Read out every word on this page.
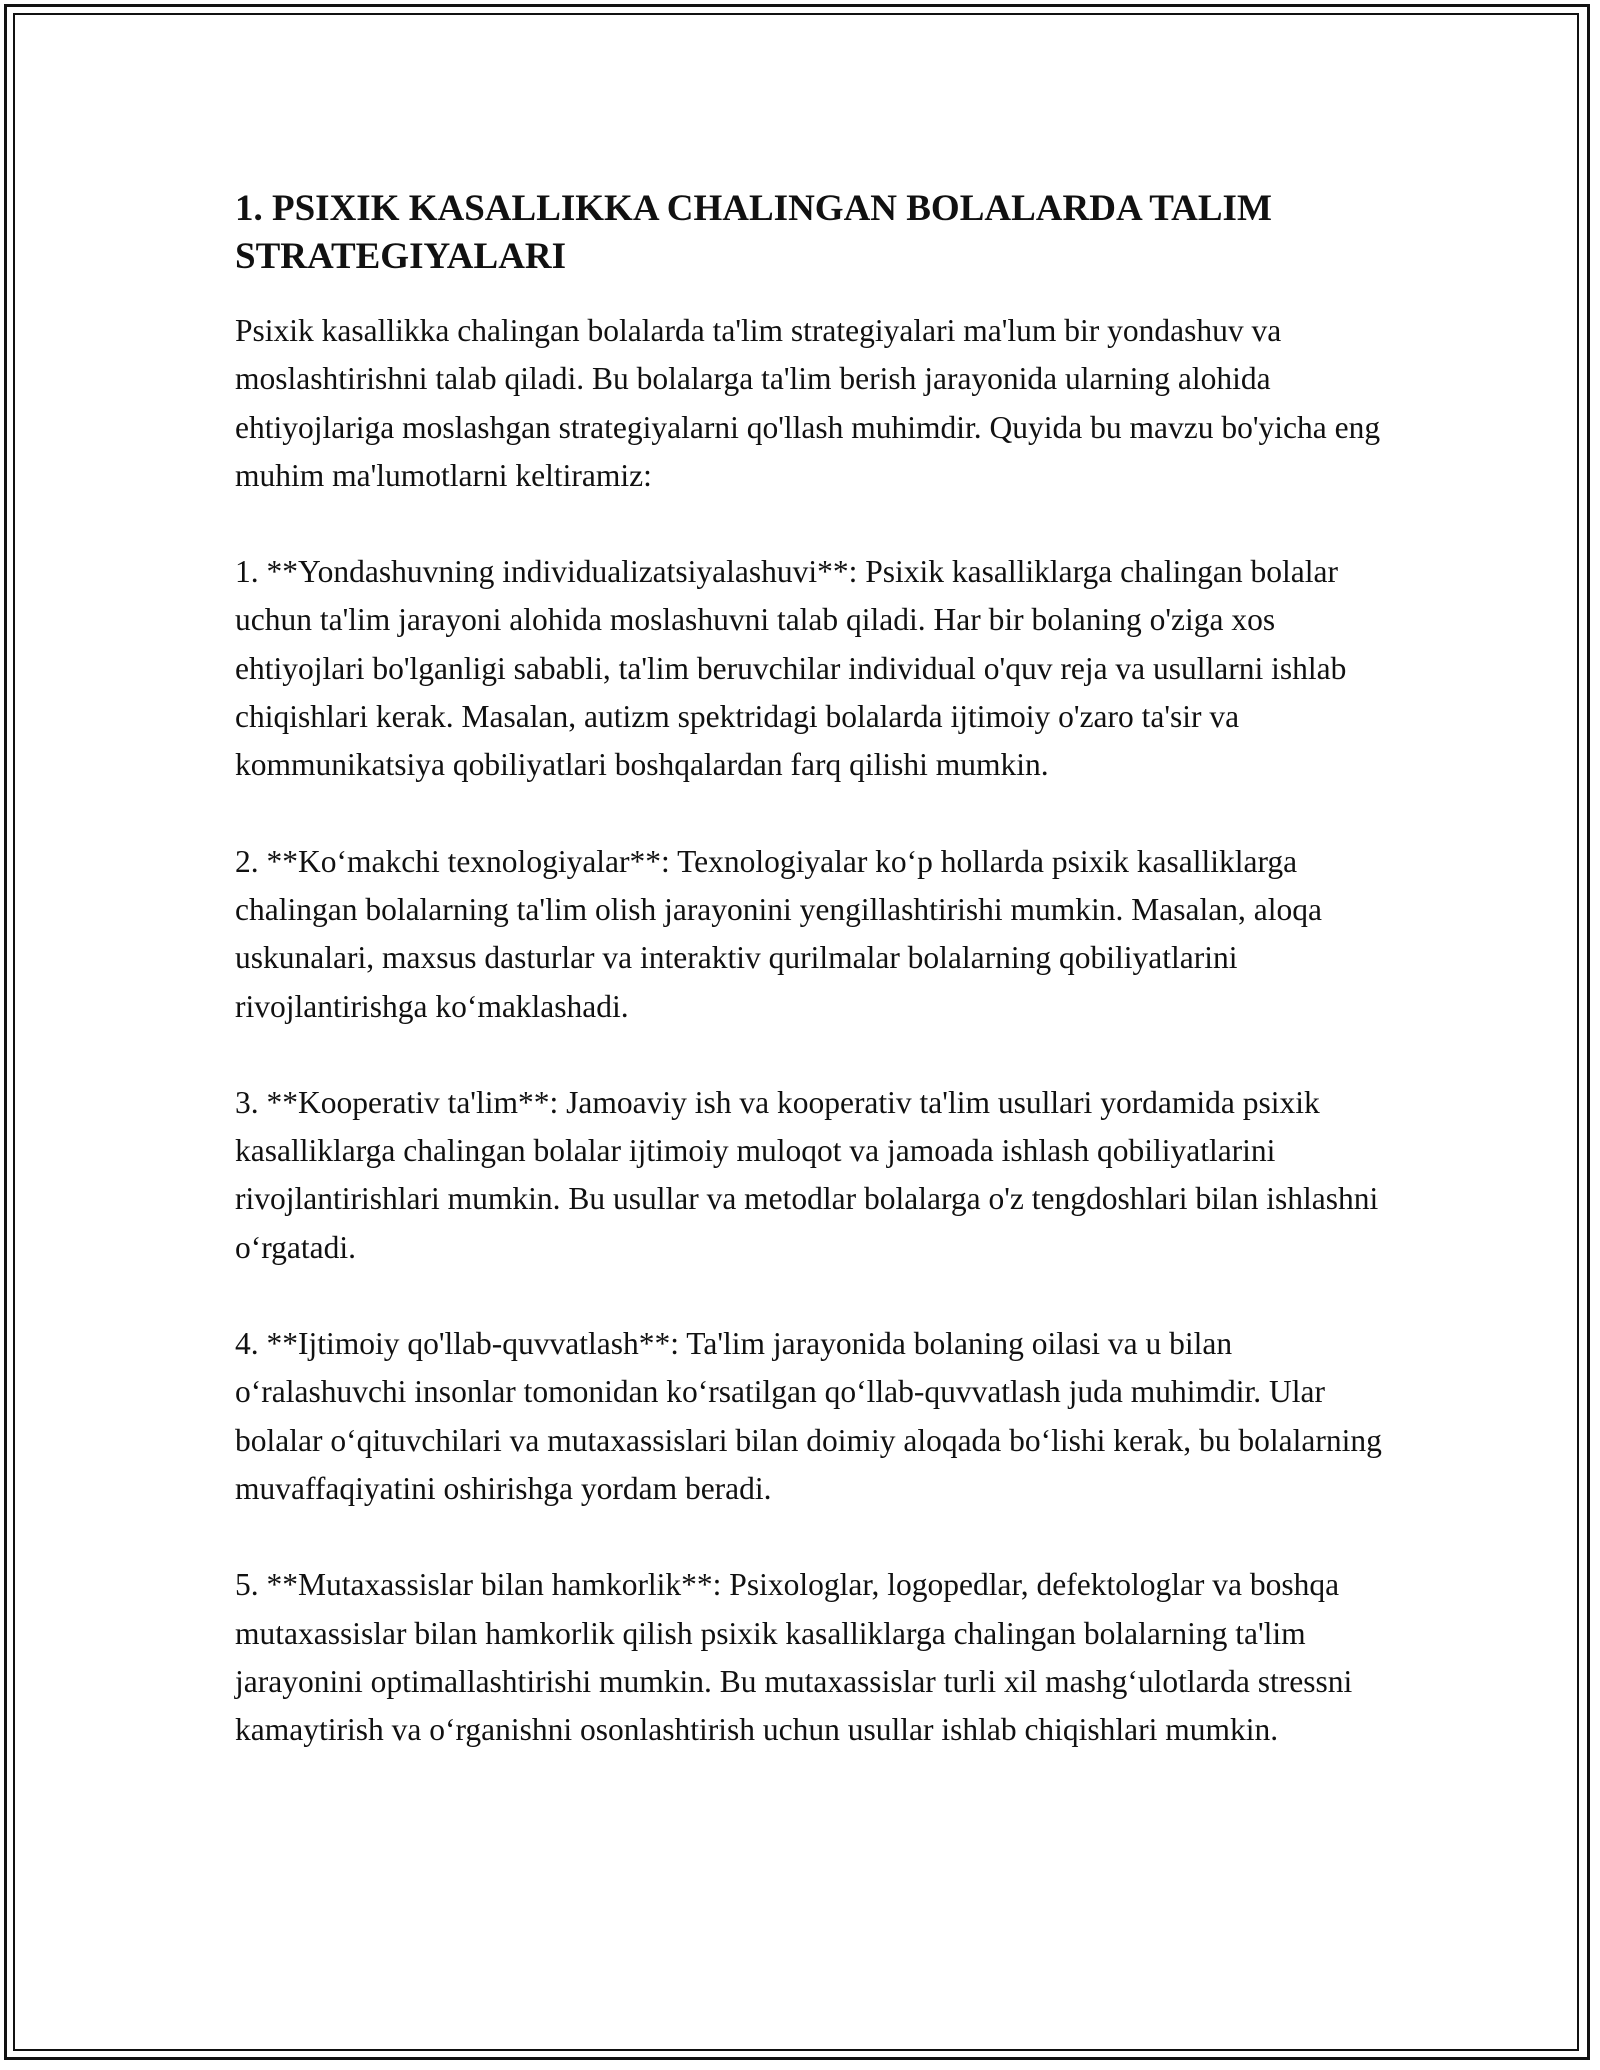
1. PSIXIK KASALLIKKA CHALINGAN BOLALARDA TALIM STRATEGIYALARI

Psixik kasallikka chalingan bolalarda ta'lim strategiyalari ma'lum bir yondashuv va moslashtirishni talab qiladi. Bu bolalarga ta'lim berish jarayonida ularning alohida ehtiyojlariga moslashgan strategiyalarni qo'llash muhimdir. Quyida bu mavzu bo'yicha eng muhim ma'lumotlarni keltiramiz:

1. **Yondashuvning individualizatsiyalashuvi**: Psixik kasalliklarga chalingan bolalar uchun ta'lim jarayoni alohida moslashuvni talab qiladi. Har bir bolaning o'ziga xos ehtiyojlari bo'lganligi sababli, ta'lim beruvchilar individual o'quv reja va usullarni ishlab chiqishlari kerak. Masalan, autizm spektridagi bolalarda ijtimoiy o'zaro ta'sir va kommunikatsiya qobiliyatlari boshqalardan farq qilishi mumkin.

2. **Ko‘makchi texnologiyalar**: Texnologiyalar ko‘p hollarda psixik kasalliklarga chalingan bolalarning ta'lim olish jarayonini yengillashtirishi mumkin. Masalan, aloqa uskunalari, maxsus dasturlar va interaktiv qurilmalar bolalarning qobiliyatlarini rivojlantirishga ko‘maklashadi.

3. **Kooperativ ta'lim**: Jamoaviy ish va kooperativ ta'lim usullari yordamida psixik kasalliklarga chalingan bolalar ijtimoiy muloqot va jamoada ishlash qobiliyatlarini rivojlantirishlari mumkin. Bu usullar va metodlar bolalarga o'z tengdoshlari bilan ishlashni o‘rgatadi.

4. **Ijtimoiy qo'llab-quvvatlash**: Ta'lim jarayonida bolaning oilasi va u bilan o‘ralashuvchi insonlar tomonidan ko‘rsatilgan qo‘llab-quvvatlash juda muhimdir. Ular bolalar o‘qituvchilari va mutaxassislari bilan doimiy aloqada bo‘lishi kerak, bu bolalarning muvaffaqiyatini oshirishga yordam beradi.

5. **Mutaxassislar bilan hamkorlik**: Psixologlar, logopedlar, defektologlar va boshqa mutaxassislar bilan hamkorlik qilish psixik kasalliklarga chalingan bolalarning ta'lim jarayonini optimallashtirishi mumkin. Bu mutaxassislar turli xil mashg‘ulotlarda stressni kamaytirish va o‘rganishni osonlashtirish uchun usullar ishlab chiqishlari mumkin.
